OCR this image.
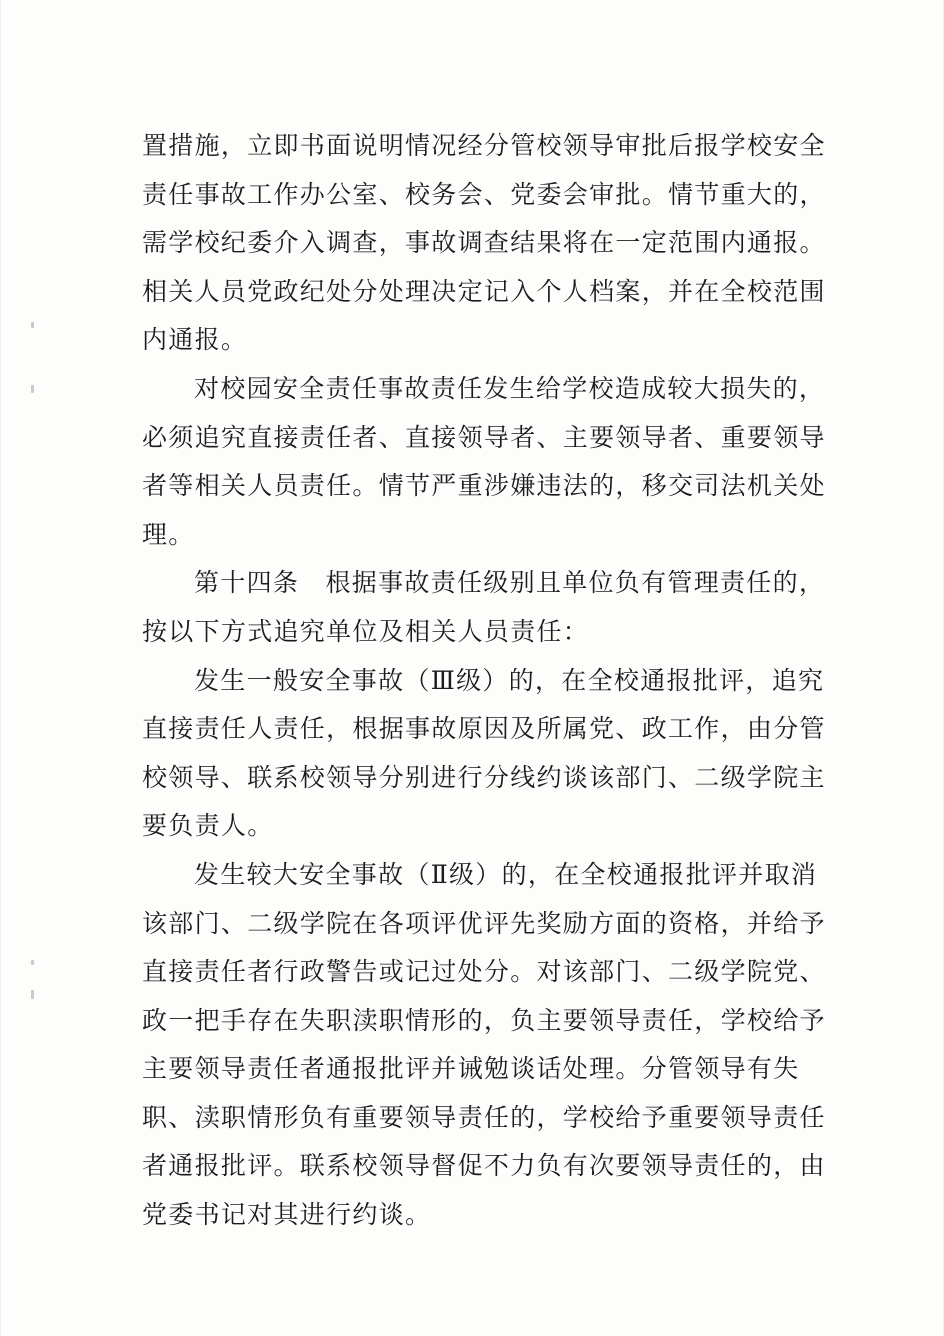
置措施，立即书面说明情况经分管校领导审批后报学校安全
责任事故工作办公室、校务会、党委会审批。情节重大的，
需学校纪委介入调查，事故调查结果将在一定范围内通报。
相关人员党政纪处分处理决定记入个人档案，并在全校范围
内通报。
对校园安全责任事故责任发生给学校造成较大损失的，
必须追究直接责任者、直接领导者、主要领导者、重要领导
者等相关人员责任。情节严重涉嫌违法的，移交司法机关处
理。
第十四条　根据事故责任级别且单位负有管理责任的，
按以下方式追究单位及相关人员责任：
发生一般安全事故（Ⅲ级）的，在全校通报批评，追究
直接责任人责任，根据事故原因及所属党、政工作，由分管
校领导、联系校领导分别进行分线约谈该部门、二级学院主
要负责人。
发生较大安全事故（Ⅱ级）的，在全校通报批评并取消
该部门、二级学院在各项评优评先奖励方面的资格，并给予
直接责任者行政警告或记过处分。对该部门、二级学院党、
政一把手存在失职渎职情形的，负主要领导责任，学校给予
主要领导责任者通报批评并诫勉谈话处理。分管领导有失
职、渎职情形负有重要领导责任的，学校给予重要领导责任
者通报批评。联系校领导督促不力负有次要领导责任的，由
党委书记对其进行约谈。
